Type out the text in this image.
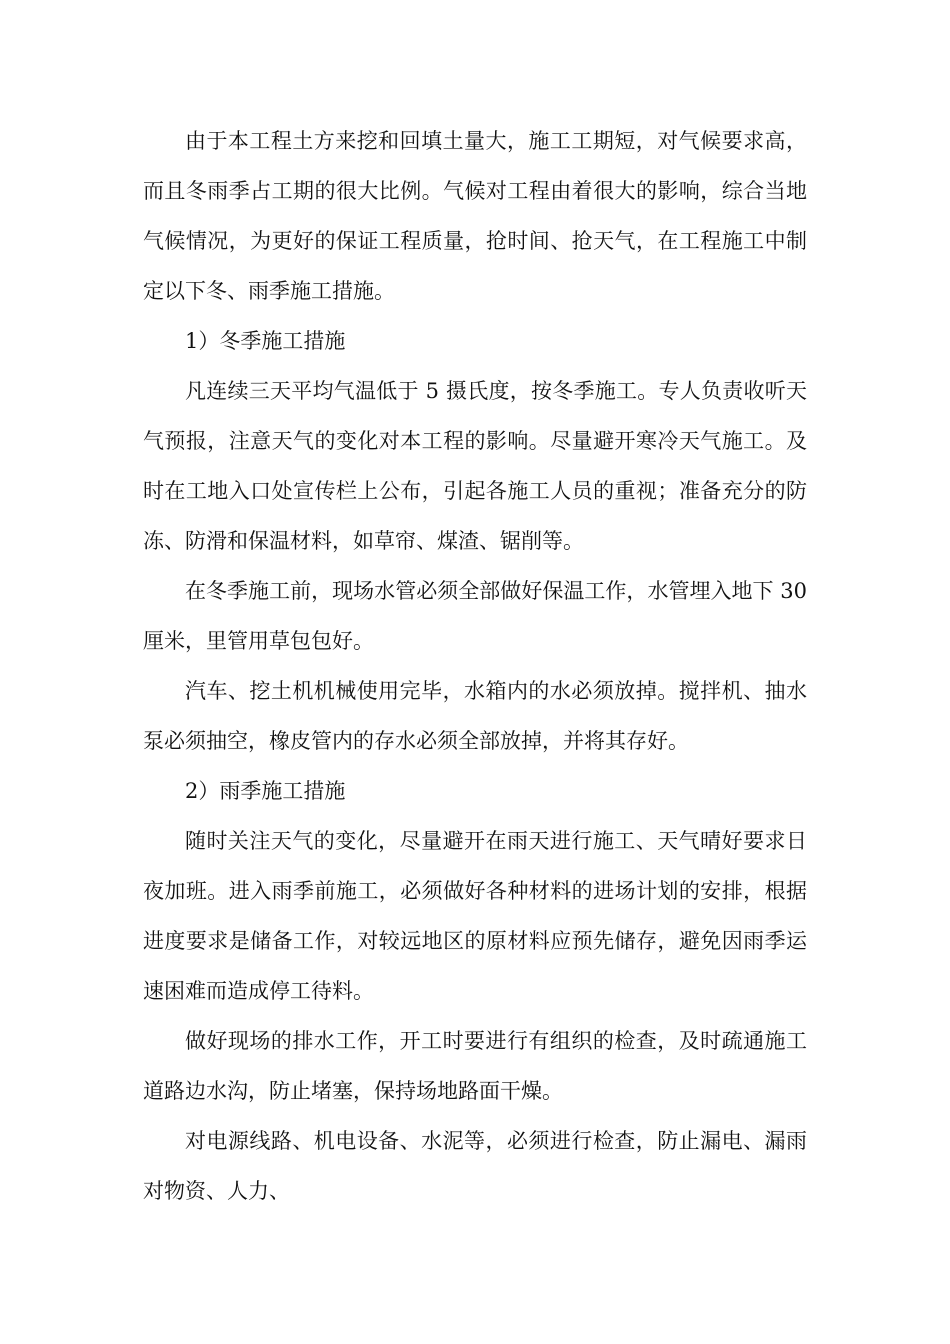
由于本工程土方来挖和回填土量大，施工工期短，对气候要求高，而且冬雨季占工期的很大比例。气候对工程由着很大的影响，综合当地气候情况，为更好的保证工程质量，抢时间、抢天气，在工程施工中制定以下冬、雨季施工措施。

1）冬季施工措施

凡连续三天平均气温低于 5 摄氏度，按冬季施工。专人负责收听天气预报，注意天气的变化对本工程的影响。尽量避开寒冷天气施工。及时在工地入口处宣传栏上公布，引起各施工人员的重视；准备充分的防冻、防滑和保温材料，如草帘、煤渣、锯削等。

在冬季施工前，现场水管必须全部做好保温工作，水管埋入地下 30 厘米，里管用草包包好。

汽车、挖土机机械使用完毕，水箱内的水必须放掉。搅拌机、抽水泵必须抽空，橡皮管内的存水必须全部放掉，并将其存好。

2）雨季施工措施

随时关注天气的变化，尽量避开在雨天进行施工、天气晴好要求日夜加班。进入雨季前施工，必须做好各种材料的进场计划的安排，根据进度要求是储备工作，对较远地区的原材料应预先储存，避免因雨季运速困难而造成停工待料。

做好现场的排水工作，开工时要进行有组织的检查，及时疏通施工道路边水沟，防止堵塞，保持场地路面干燥。

对电源线路、机电设备、水泥等，必须进行检查，防止漏电、漏雨对物资、人力、
